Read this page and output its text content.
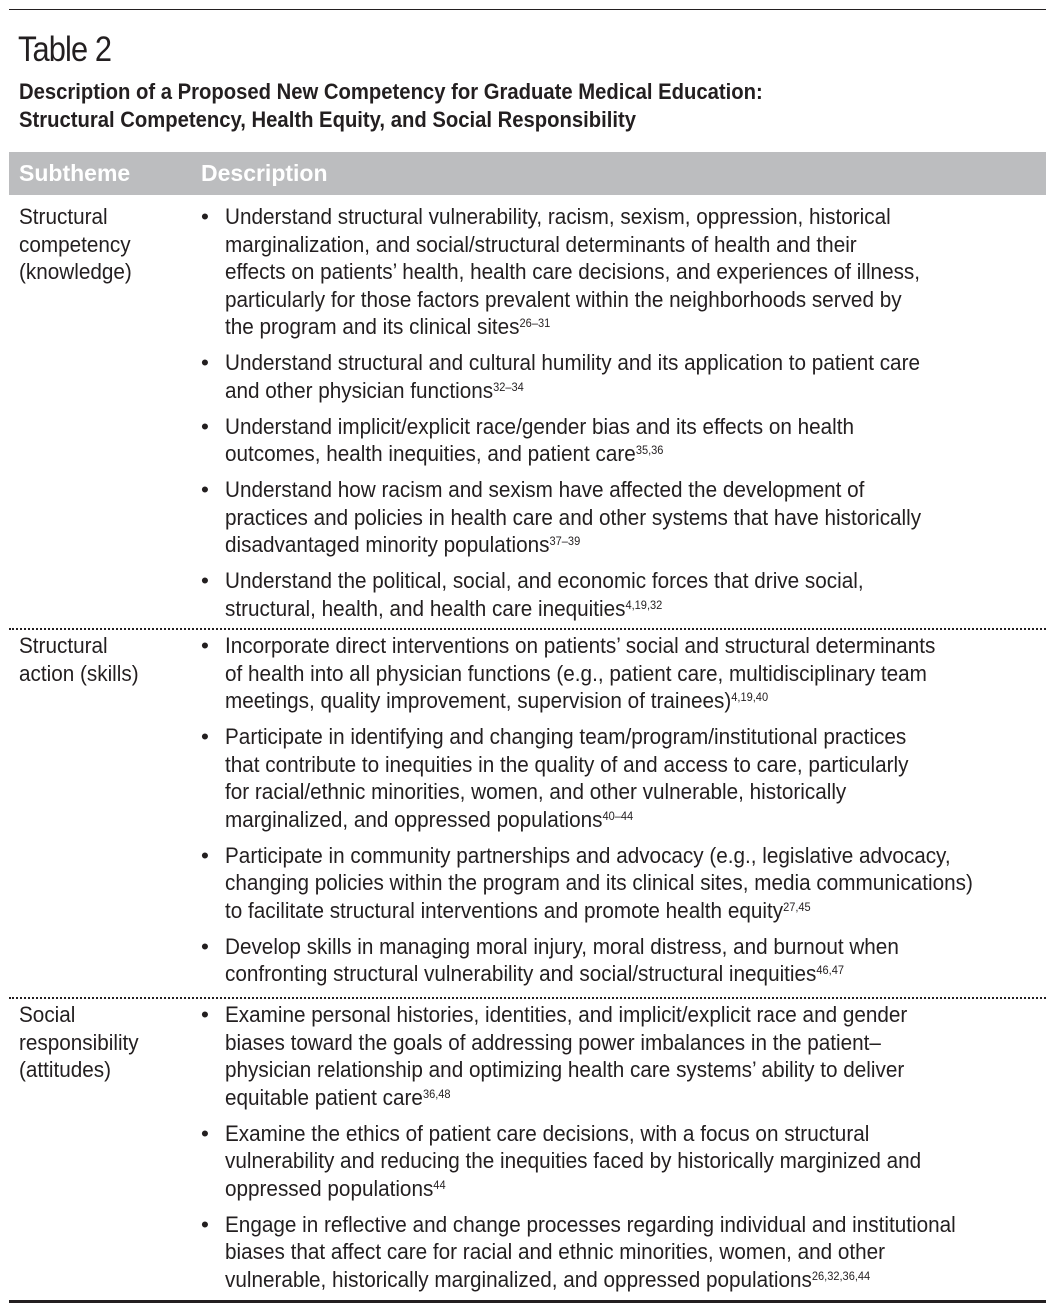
Table 2
Description of a Proposed New Competency for Graduate Medical Education:
Structural Competency, Health Equity, and Social Responsibility
Subtheme	Description
Structural
competency
(knowledge)
• Understand structural vulnerability, racism, sexism, oppression, historical
marginalization, and social/structural determinants of health and their
effects on patients’ health, health care decisions, and experiences of illness,
particularly for those factors prevalent within the neighborhoods served by
the program and its clinical sites$^{26-31}$
• Understand structural and cultural humility and its application to patient care
and other physician functions$^{32-34}$
• Understand implicit/explicit race/gender bias and its effects on health
outcomes, health inequities, and patient care$^{35,36}$
• Understand how racism and sexism have affected the development of
practices and policies in health care and other systems that have historically
disadvantaged minority populations$^{37-39}$
• Understand the political, social, and economic forces that drive social,
structural, health, and health care inequities$^{4,19,32}$
Structural
action (skills)
• Incorporate direct interventions on patients’ social and structural determinants
of health into all physician functions (e.g., patient care, multidisciplinary team
meetings, quality improvement, supervision of trainees)$^{4,19,40}$
• Participate in identifying and changing team/program/institutional practices
that contribute to inequities in the quality of and access to care, particularly
for racial/ethnic minorities, women, and other vulnerable, historically
marginalized, and oppressed populations$^{40-44}$
• Participate in community partnerships and advocacy (e.g., legislative advocacy,
changing policies within the program and its clinical sites, media communications)
to facilitate structural interventions and promote health equity$^{27,45}$
• Develop skills in managing moral injury, moral distress, and burnout when
confronting structural vulnerability and social/structural inequities$^{46,47}$
Social
responsibility
(attitudes)
• Examine personal histories, identities, and implicit/explicit race and gender
biases toward the goals of addressing power imbalances in the patient–
physician relationship and optimizing health care systems’ ability to deliver
equitable patient care$^{36,48}$
• Examine the ethics of patient care decisions, with a focus on structural
vulnerability and reducing the inequities faced by historically marginized and
oppressed populations$^{44}$
• Engage in reflective and change processes regarding individual and institutional
biases that affect care for racial and ethnic minorities, women, and other
vulnerable, historically marginalized, and oppressed populations$^{26,32,36,44}$
